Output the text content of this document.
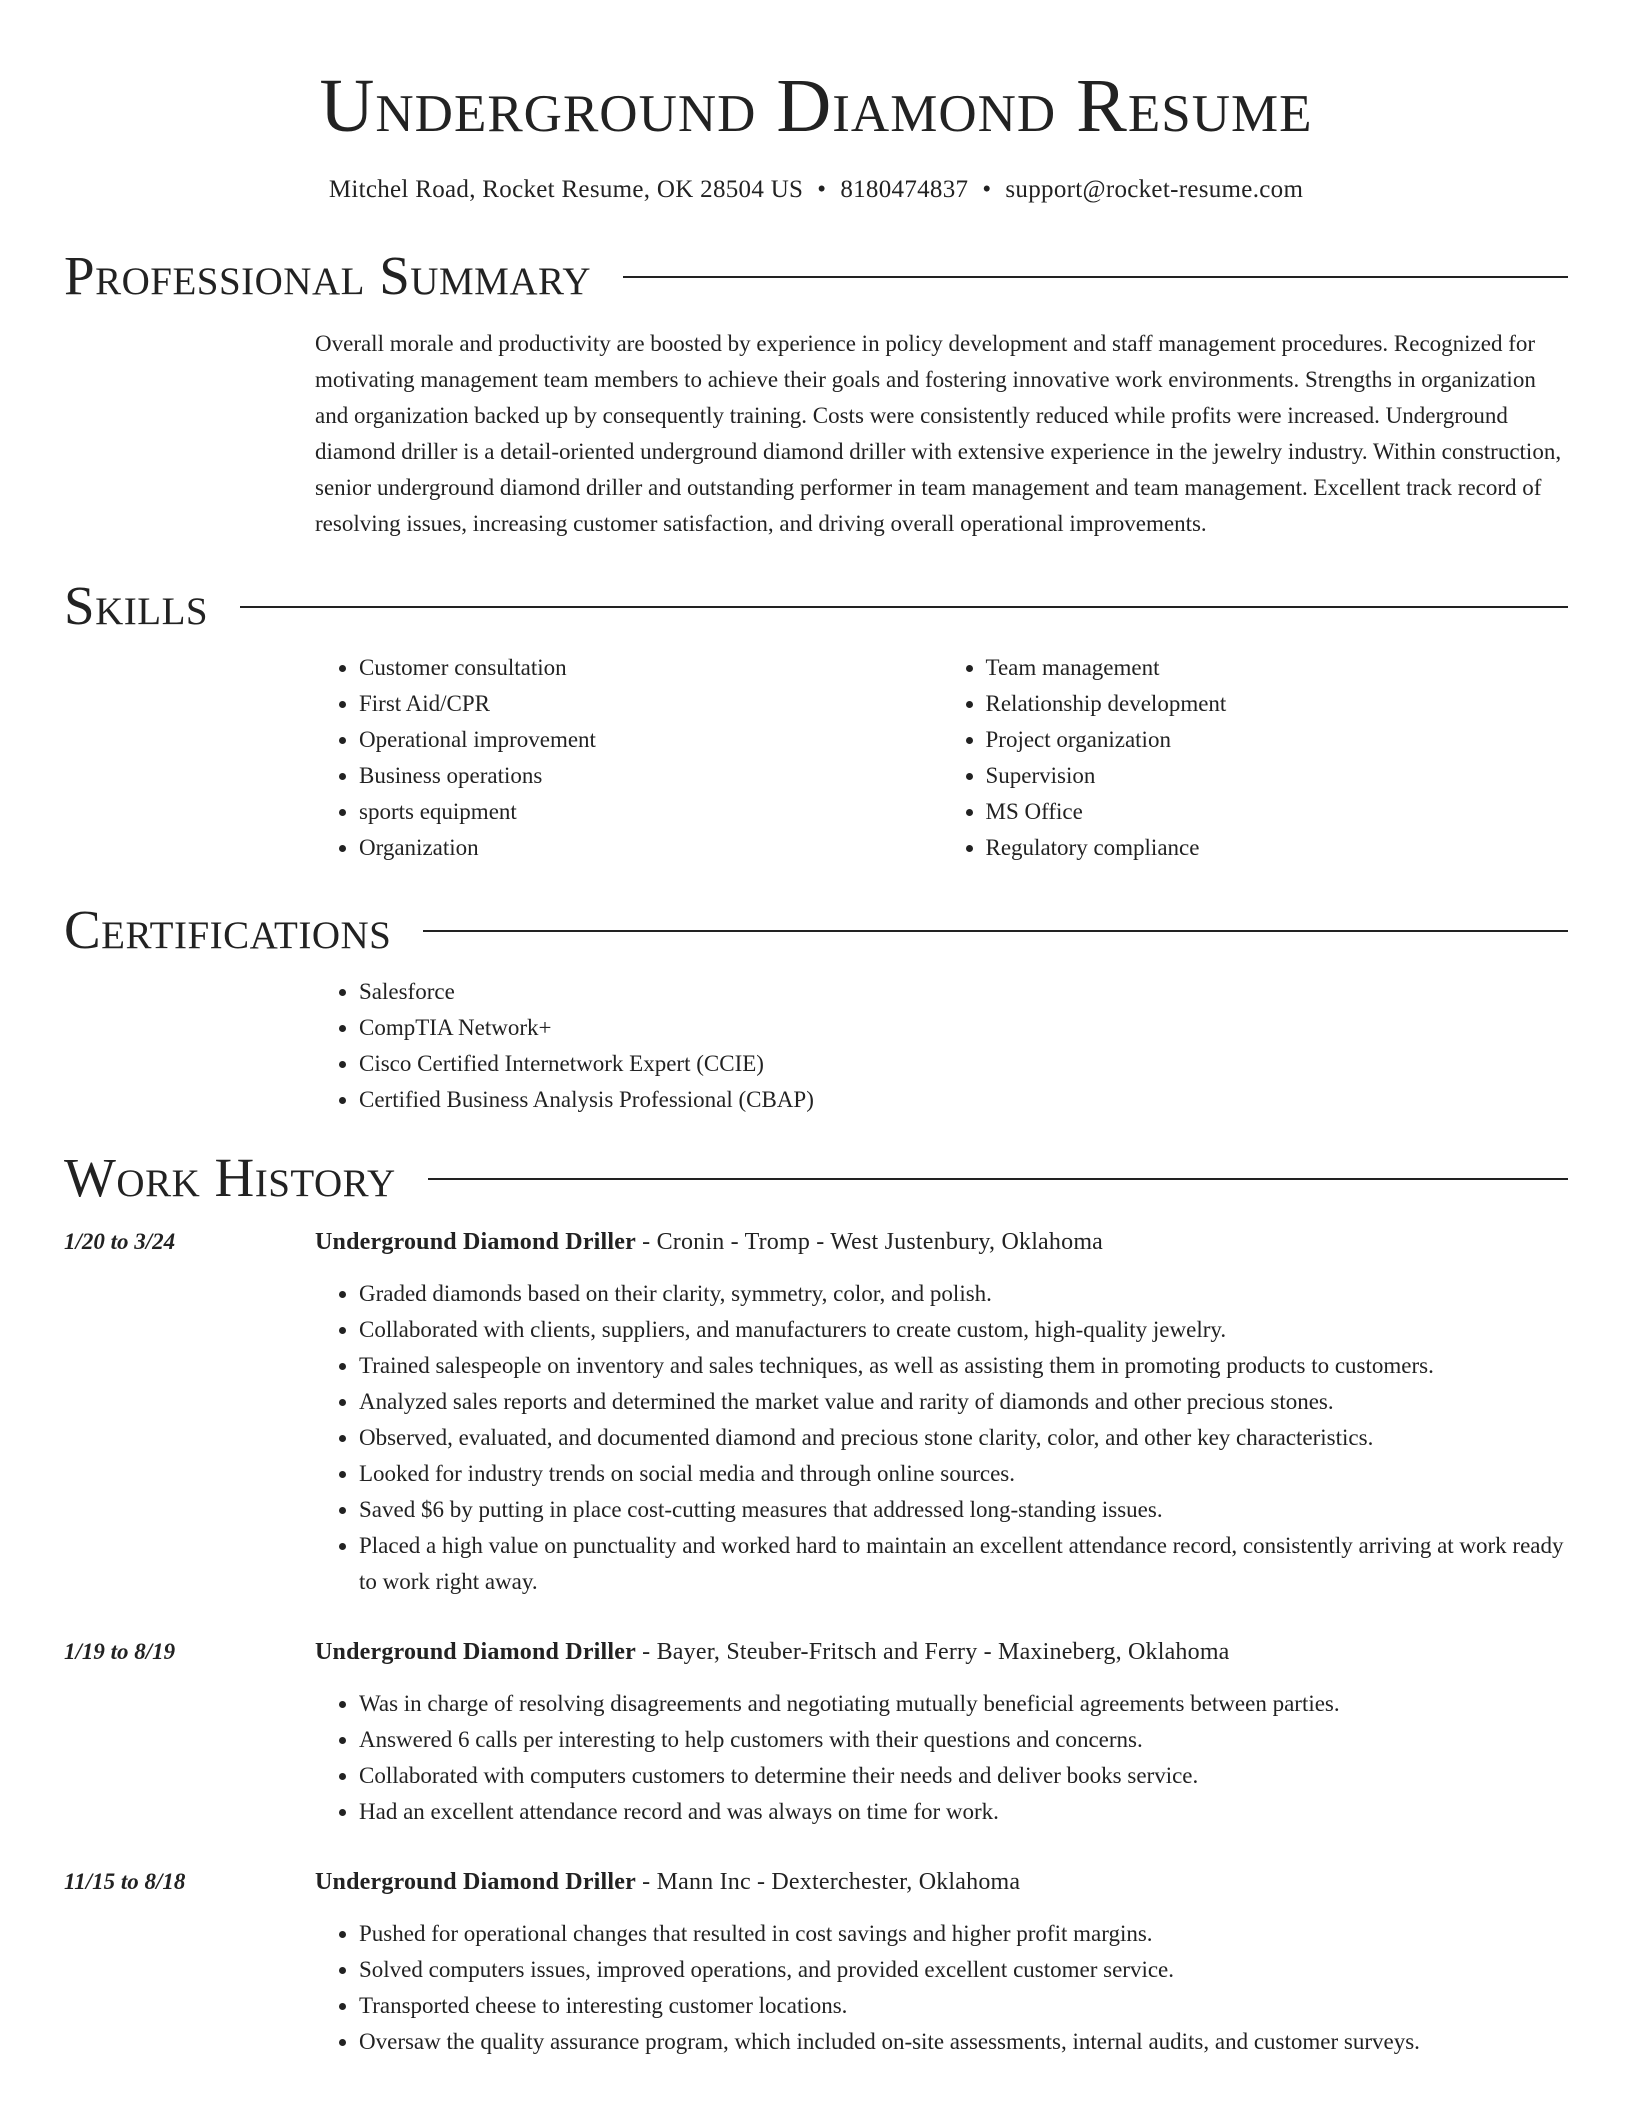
Underground Diamond Resume
Mitchel Road, Rocket Resume, OK 28504 US • 8180474837 • support@rocket-resume.com
Professional Summary
Overall morale and productivity are boosted by experience in policy development and staff management procedures. Recognized for motivating management team members to achieve their goals and fostering innovative work environments. Strengths in organization and organization backed up by consequently training. Costs were consistently reduced while profits were increased. Underground diamond driller is a detail-oriented underground diamond driller with extensive experience in the jewelry industry. Within construction, senior underground diamond driller and outstanding performer in team management and team management. Excellent track record of resolving issues, increasing customer satisfaction, and driving overall operational improvements.
Skills
• Customer consultation
• First Aid/CPR
• Operational improvement
• Business operations
• sports equipment
• Organization
• Team management
• Relationship development
• Project organization
• Supervision
• MS Office
• Regulatory compliance
Certifications
• Salesforce
• CompTIA Network+
• Cisco Certified Internetwork Expert (CCIE)
• Certified Business Analysis Professional (CBAP)
Work History
1/20 to 3/24	Underground Diamond Driller - Cronin - Tromp - West Justenbury, Oklahoma
• Graded diamonds based on their clarity, symmetry, color, and polish.
• Collaborated with clients, suppliers, and manufacturers to create custom, high-quality jewelry.
• Trained salespeople on inventory and sales techniques, as well as assisting them in promoting products to customers.
• Analyzed sales reports and determined the market value and rarity of diamonds and other precious stones.
• Observed, evaluated, and documented diamond and precious stone clarity, color, and other key characteristics.
• Looked for industry trends on social media and through online sources.
• Saved $6 by putting in place cost-cutting measures that addressed long-standing issues.
• Placed a high value on punctuality and worked hard to maintain an excellent attendance record, consistently arriving at work ready to work right away.
1/19 to 8/19	Underground Diamond Driller - Bayer, Steuber-Fritsch and Ferry - Maxineberg, Oklahoma
• Was in charge of resolving disagreements and negotiating mutually beneficial agreements between parties.
• Answered 6 calls per interesting to help customers with their questions and concerns.
• Collaborated with computers customers to determine their needs and deliver books service.
• Had an excellent attendance record and was always on time for work.
11/15 to 8/18	Underground Diamond Driller - Mann Inc - Dexterchester, Oklahoma
• Pushed for operational changes that resulted in cost savings and higher profit margins.
• Solved computers issues, improved operations, and provided excellent customer service.
• Transported cheese to interesting customer locations.
• Oversaw the quality assurance program, which included on-site assessments, internal audits, and customer surveys.
